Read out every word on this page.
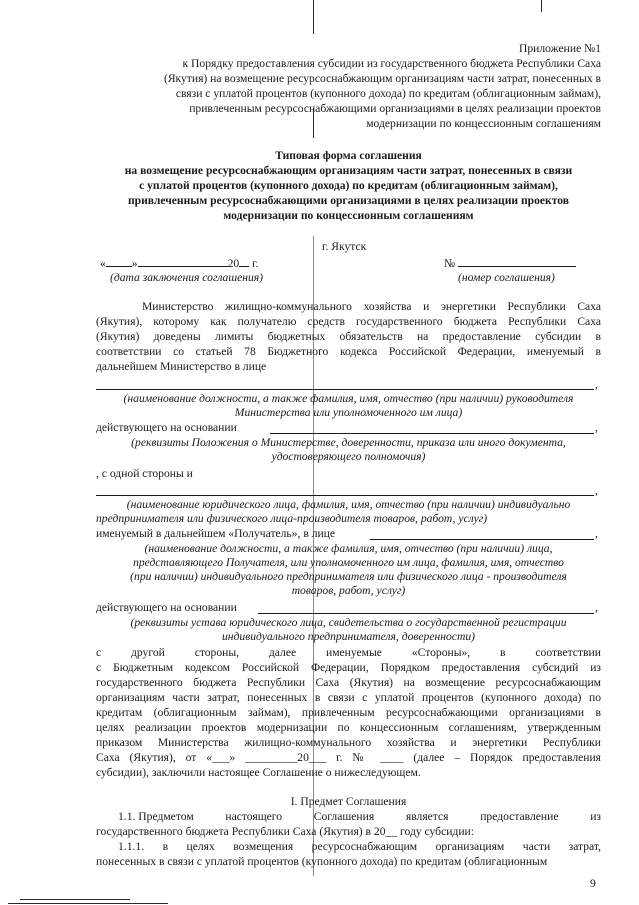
Приложение №1
к Порядку предоставления субсидии из государственного бюджета Республики Саха
(Якутия) на возмещение ресурсоснабжающим организациям части затрат, понесенных в
связи с уплатой процентов (купонного дохода) по кредитам (облигационным займам),
привлеченным ресурсоснабжающими организациями в целях реализации проектов
модернизации по концессионным соглашениям
Типовая форма соглашения
на возмещение ресурсоснабжающим организациям части затрат, понесенных в связи
с уплатой процентов (купонного дохода) по кредитам (облигационным займам),
привлеченным ресурсоснабжающими организациями в целях реализации проектов
модернизации по концессионным соглашениям
г. Якутск
« »	20 г.
(дата заключения соглашения)
№
(номер соглашения)
Министерство жилищно-коммунального хозяйства и энергетики Республики Саха
(Якутия), которому как получателю средств государственного бюджета Республики Саха
(Якутия) доведены лимиты бюджетных обязательств на предоставление субсидии в
соответствии со статьей 78 Бюджетного кодекса Российской Федерации, именуемый в
дальнейшем Министерство в лице
,
(наименование должности, а также фамилия, имя, отчество (при наличии) руководителя
Министерства или уполномоченного им лица)
действующего на основании	,
(реквизиты Положения о Министерстве, доверенности, приказа или иного документа,
удостоверяющего полномочия)
, с одной стороны и
,
(наименование юридического лица, фамилия, имя, отчество (при наличии) индивидуально
предпринимателя или физического лица-производителя товаров, работ, услуг)
именуемый в дальнейшем «Получатель», в лице	,
(наименование должности, а также фамилия, имя, отчество (при наличии) лица,
представляющего Получателя, или уполномоченного им лица, фамилия, имя, отчество
(при наличии) индивидуального предпринимателя или физического лица - производителя
товаров, работ, услуг)
действующего на основании	,
(реквизиты устава юридического лица, свидетельства о государственной регистрации
индивидуального предпринимателя, доверенности)
с	другой	стороны,	далее	именуемые	«Стороны»,	в	соответствии
с Бюджетным кодексом Российской Федерации, Порядком предоставления субсидий из
государственного бюджета Республики Саха (Якутия) на возмещение ресурсоснабжающим
организациям части затрат, понесенных в связи с уплатой процентов (купонного дохода) по
кредитам (облигационным займам), привлеченным ресурсоснабжающими организациями в
целях реализации проектов модернизации по концессионным соглашениям, утвержденным
приказом Министерства жилищно-коммунального хозяйства и энергетики Республики
Саха (Якутия), от «___» _________20___ г. № ____ (далее – Порядок предоставления
субсидии), заключили настоящее Соглашение о нижеследующем.
I. Предмет Соглашения
1.1. Предметом	настоящего	Соглашения	является	предоставление	из
государственного бюджета Республики Саха (Якутия) в 20__ году субсидии:
1.1.1. в целях возмещения ресурсоснабжающим организациям части затрат,
понесенных в связи с уплатой процентов (купонного дохода) по кредитам (облигационным
9
